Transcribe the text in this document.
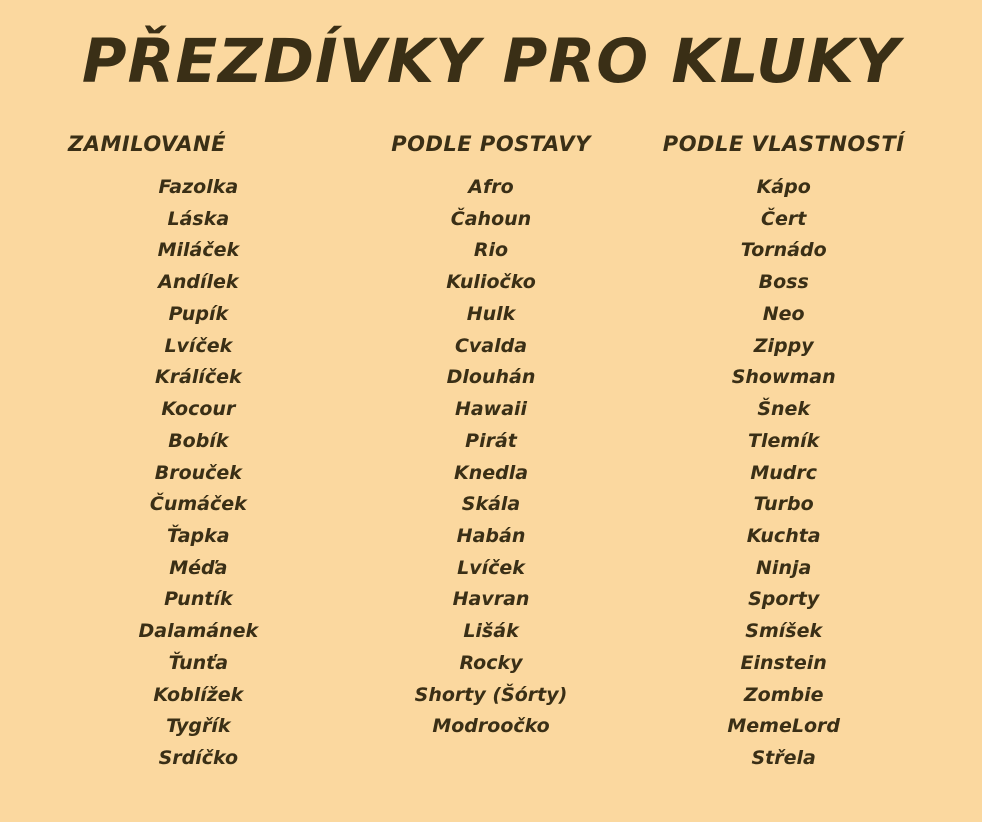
PŘEZDÍVKY PRO KLUKY
ZAMILOVANÉ
Fazolka
Láska
Miláček
Andílek
Pupík
Lvíček
Králíček
Kocour
Bobík
Brouček
Čumáček
Ťapka
Méďa
Puntík
Dalamánek
Ťunťa
Koblížek
Tygřík
Srdíčko
PODLE POSTAVY
Afro
Čahoun
Rio
Kuliočko
Hulk
Cvalda
Dlouhán
Hawaii
Pirát
Knedla
Skála
Habán
Lvíček
Havran
Lišák
Rocky
Shorty (Šórty)
Modroočko
PODLE VLASTNOSTÍ
Kápo
Čert
Tornádo
Boss
Neo
Zippy
Showman
Šnek
Tlemík
Mudrc
Turbo
Kuchta
Ninja
Sporty
Smíšek
Einstein
Zombie
MemeLord
Střela
